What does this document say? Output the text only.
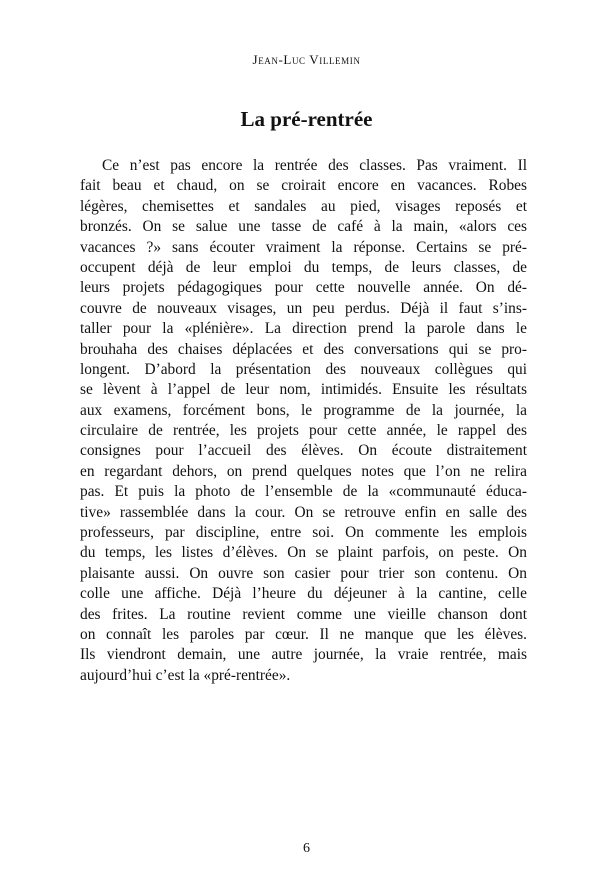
Jean-Luc Villemin
La pré-rentrée
Ce n’est pas encore la rentrée des classes. Pas vraiment. Il
fait beau et chaud, on se croirait encore en vacances. Robes
légères, chemisettes et sandales au pied, visages reposés et
bronzés. On se salue une tasse de café à la main, «alors ces
vacances ?» sans écouter vraiment la réponse. Certains se pré-
occupent déjà de leur emploi du temps, de leurs classes, de
leurs projets pédagogiques pour cette nouvelle année. On dé-
couvre de nouveaux visages, un peu perdus. Déjà il faut s’ins-
taller pour la «plénière». La direction prend la parole dans le
brouhaha des chaises déplacées et des conversations qui se pro-
longent. D’abord la présentation des nouveaux collègues qui
se lèvent à l’appel de leur nom, intimidés. Ensuite les résultats
aux examens, forcément bons, le programme de la journée, la
circulaire de rentrée, les projets pour cette année, le rappel des
consignes pour l’accueil des élèves. On écoute distraitement
en regardant dehors, on prend quelques notes que l’on ne relira
pas. Et puis la photo de l’ensemble de la «communauté éduca-
tive» rassemblée dans la cour. On se retrouve enfin en salle des
professeurs, par discipline, entre soi. On commente les emplois
du temps, les listes d’élèves. On se plaint parfois, on peste. On
plaisante aussi. On ouvre son casier pour trier son contenu. On
colle une affiche. Déjà l’heure du déjeuner à la cantine, celle
des frites. La routine revient comme une vieille chanson dont
on connaît les paroles par cœur. Il ne manque que les élèves.
Ils viendront demain, une autre journée, la vraie rentrée, mais
aujourd’hui c’est la «pré-rentrée».
6
